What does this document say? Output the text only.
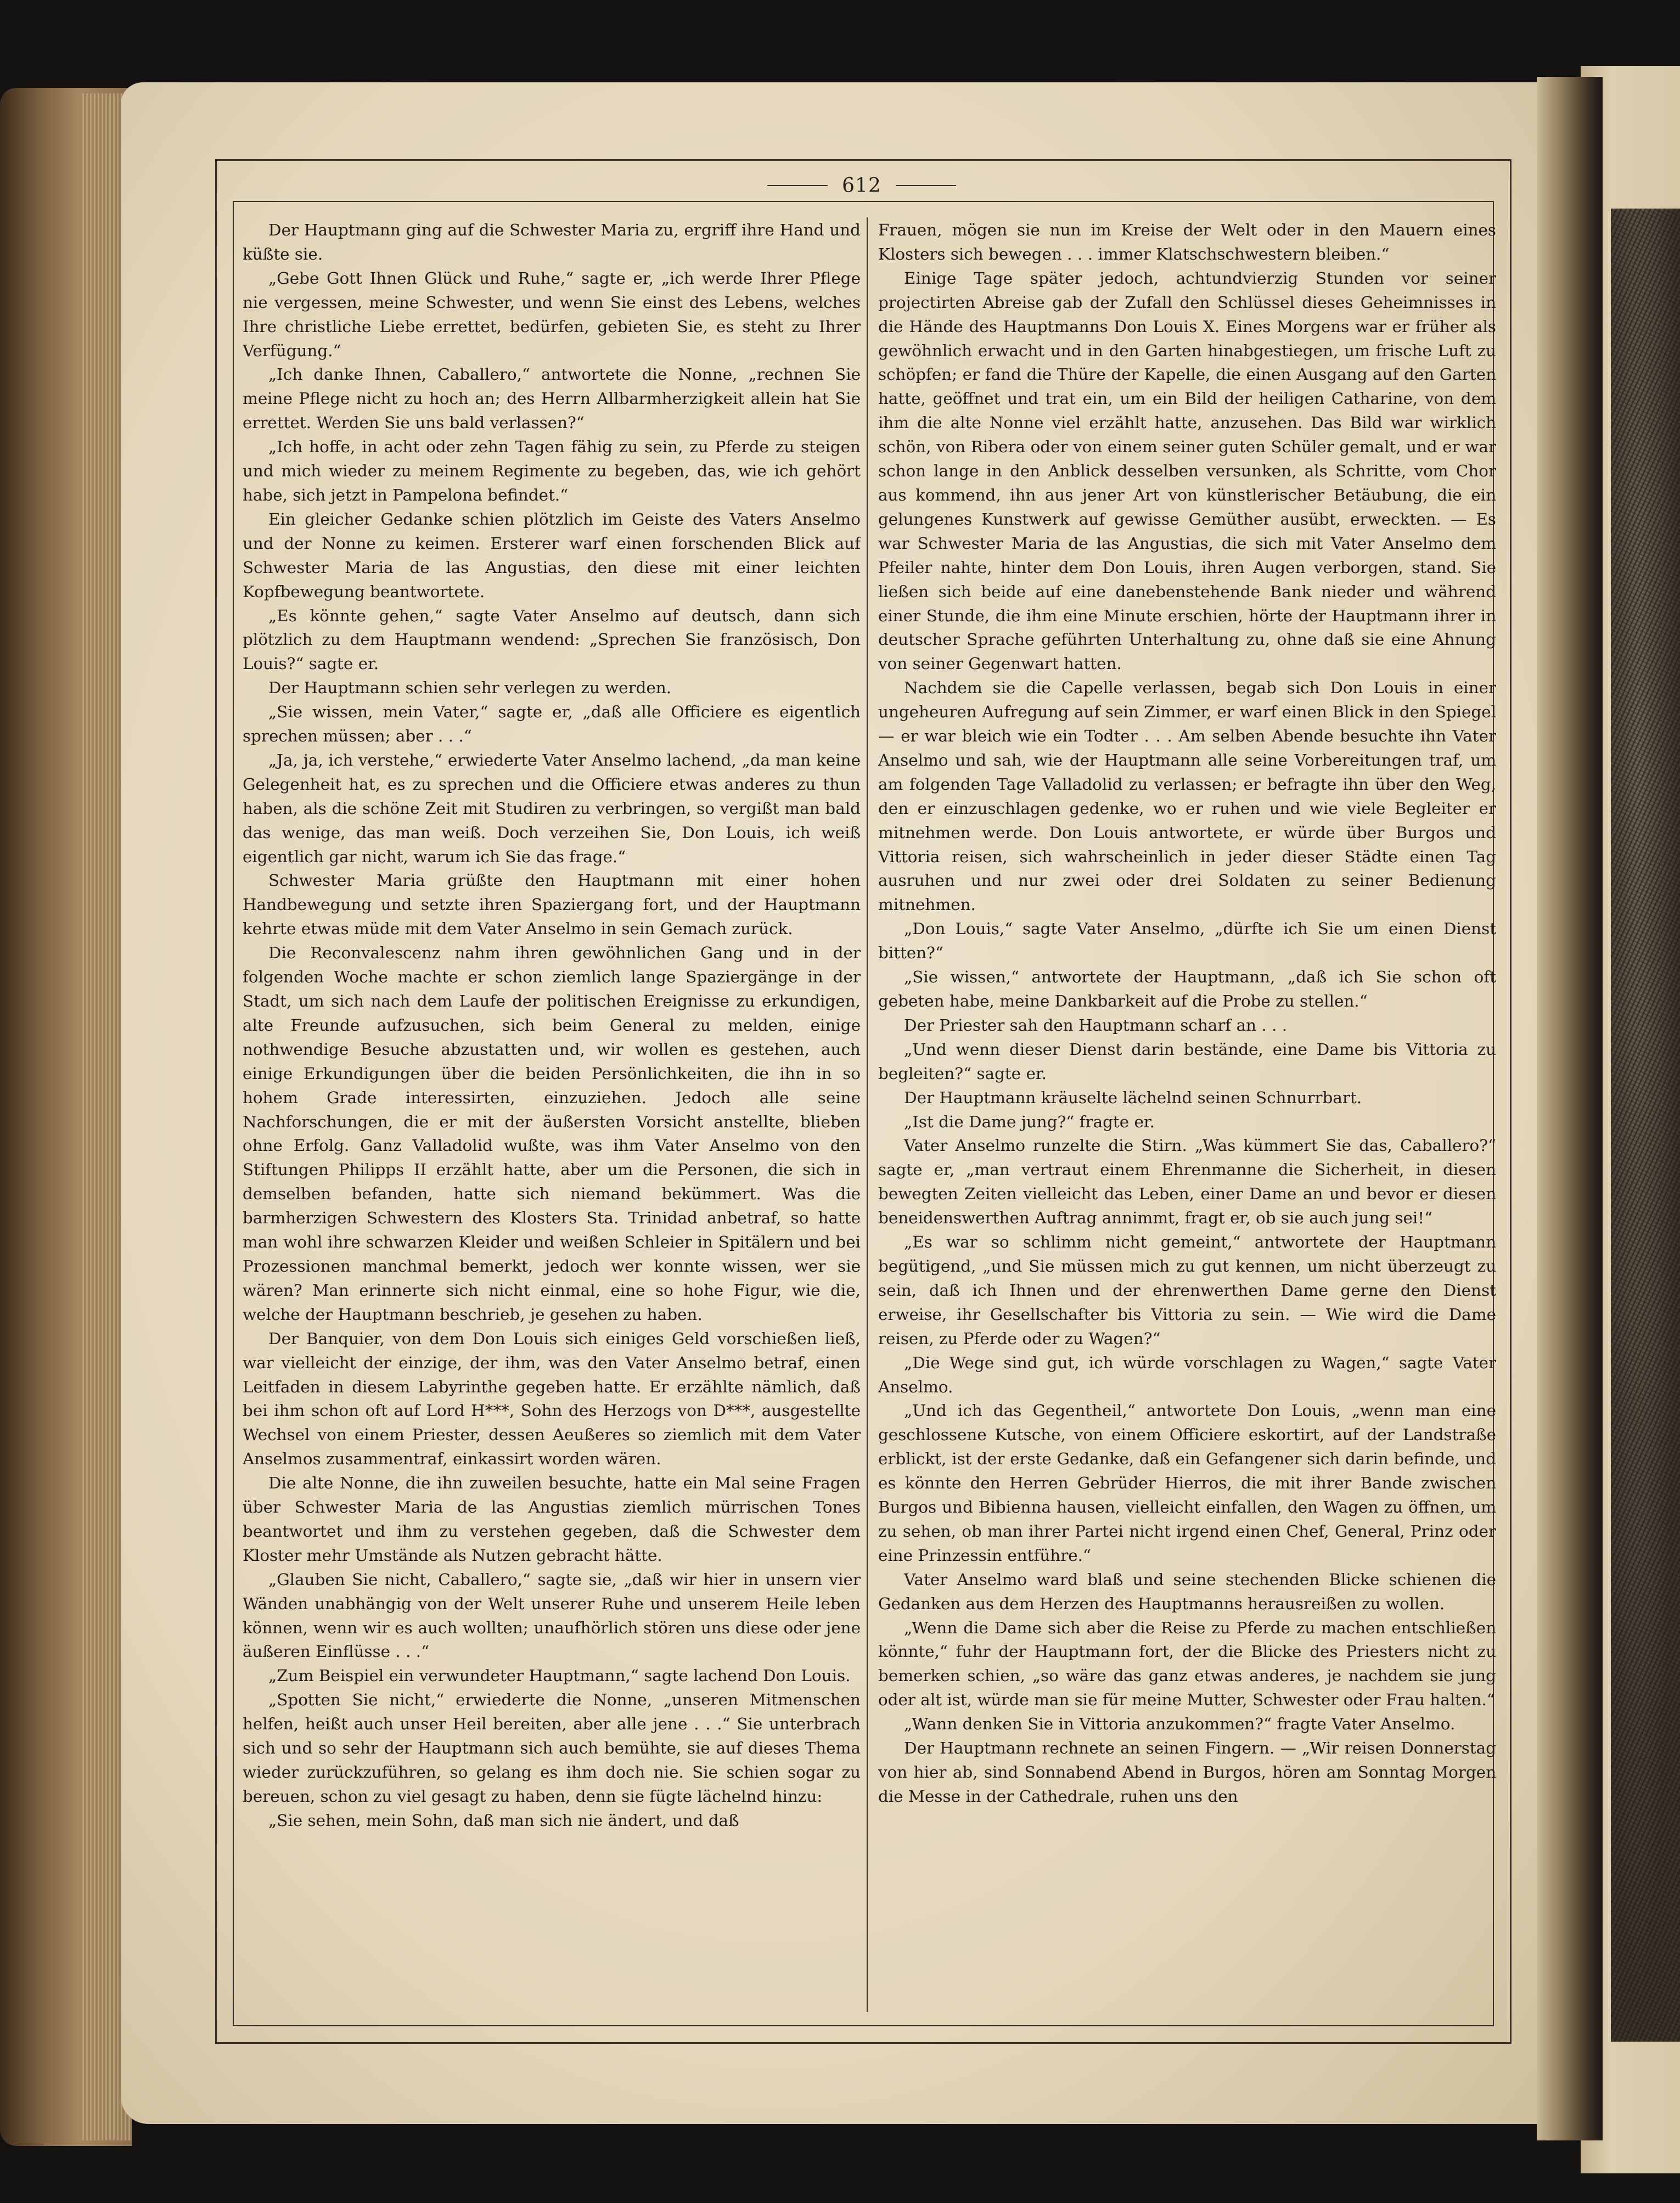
612

Der Hauptmann ging auf die Schwester Maria zu, ergriff ihre Hand und küßte sie.

„Gebe Gott Ihnen Glück und Ruhe,“ sagte er, „ich werde Ihrer Pflege nie vergessen, meine Schwester, und wenn Sie einst des Lebens, welches Ihre christliche Liebe errettet, bedürfen, gebieten Sie, es steht zu Ihrer Verfügung.“

„Ich danke Ihnen, Caballero,“ antwortete die Nonne, „rechnen Sie meine Pflege nicht zu hoch an; des Herrn Allbarmherzigkeit allein hat Sie errettet. Werden Sie uns bald verlassen?“

„Ich hoffe, in acht oder zehn Tagen fähig zu sein, zu Pferde zu steigen und mich wieder zu meinem Regimente zu begeben, das, wie ich gehört habe, sich jetzt in Pampelona befindet.“

Ein gleicher Gedanke schien plötzlich im Geiste des Vaters Anselmo und der Nonne zu keimen. Ersterer warf einen forschenden Blick auf Schwester Maria de las Angustias, den diese mit einer leichten Kopfbewegung beantwortete.

„Es könnte gehen,“ sagte Vater Anselmo auf deutsch, dann sich plötzlich zu dem Hauptmann wendend: „Sprechen Sie französisch, Don Louis?“ sagte er.

Der Hauptmann schien sehr verlegen zu werden.

„Sie wissen, mein Vater,“ sagte er, „daß alle Officiere es eigentlich sprechen müssen; aber . . .“

„Ja, ja, ich verstehe,“ erwiederte Vater Anselmo lachend, „da man keine Gelegenheit hat, es zu sprechen und die Officiere etwas anderes zu thun haben, als die schöne Zeit mit Studiren zu verbringen, so vergißt man bald das wenige, das man weiß. Doch verzeihen Sie, Don Louis, ich weiß eigentlich gar nicht, warum ich Sie das frage.“

Schwester Maria grüßte den Hauptmann mit einer hohen Handbewegung und setzte ihren Spaziergang fort, und der Hauptmann kehrte etwas müde mit dem Vater Anselmo in sein Gemach zurück.

Die Reconvalescenz nahm ihren gewöhnlichen Gang und in der folgenden Woche machte er schon ziemlich lange Spaziergänge in der Stadt, um sich nach dem Laufe der politischen Ereignisse zu erkundigen, alte Freunde aufzusuchen, sich beim General zu melden, einige nothwendige Besuche abzustatten und, wir wollen es gestehen, auch einige Erkundigungen über die beiden Persönlichkeiten, die ihn in so hohem Grade interessirten, einzuziehen. Jedoch alle seine Nachforschungen, die er mit der äußersten Vorsicht anstellte, blieben ohne Erfolg. Ganz Valladolid wußte, was ihm Vater Anselmo von den Stiftungen Philipps II erzählt hatte, aber um die Personen, die sich in demselben befanden, hatte sich niemand bekümmert. Was die barmherzigen Schwestern des Klosters Sta. Trinidad anbetraf, so hatte man wohl ihre schwarzen Kleider und weißen Schleier in Spitälern und bei Prozessionen manchmal bemerkt, jedoch wer konnte wissen, wer sie wären? Man erinnerte sich nicht einmal, eine so hohe Figur, wie die, welche der Hauptmann beschrieb, je gesehen zu haben.

Der Banquier, von dem Don Louis sich einiges Geld vorschießen ließ, war vielleicht der einzige, der ihm, was den Vater Anselmo betraf, einen Leitfaden in diesem Labyrinthe gegeben hatte. Er erzählte nämlich, daß bei ihm schon oft auf Lord H***, Sohn des Herzogs von D***, ausgestellte Wechsel von einem Priester, dessen Aeußeres so ziemlich mit dem Vater Anselmos zusammentraf, einkassirt worden wären.

Die alte Nonne, die ihn zuweilen besuchte, hatte ein Mal seine Fragen über Schwester Maria de las Angustias ziemlich mürrischen Tones beantwortet und ihm zu verstehen gegeben, daß die Schwester dem Kloster mehr Umstände als Nutzen gebracht hätte.

„Glauben Sie nicht, Caballero,“ sagte sie, „daß wir hier in unsern vier Wänden unabhängig von der Welt unserer Ruhe und unserem Heile leben können, wenn wir es auch wollten; unaufhörlich stören uns diese oder jene äußeren Einflüsse . . .“

„Zum Beispiel ein verwundeter Hauptmann,“ sagte lachend Don Louis.

„Spotten Sie nicht,“ erwiederte die Nonne, „unseren Mitmenschen helfen, heißt auch unser Heil bereiten, aber alle jene . . .“ Sie unterbrach sich und so sehr der Hauptmann sich auch bemühte, sie auf dieses Thema wieder zurückzuführen, so gelang es ihm doch nie. Sie schien sogar zu bereuen, schon zu viel gesagt zu haben, denn sie fügte lächelnd hinzu:

„Sie sehen, mein Sohn, daß man sich nie ändert, und daß

Frauen, mögen sie nun im Kreise der Welt oder in den Mauern eines Klosters sich bewegen . . . immer Klatschschwestern bleiben.“

Einige Tage später jedoch, achtundvierzig Stunden vor seiner projectirten Abreise gab der Zufall den Schlüssel dieses Geheimnisses in die Hände des Hauptmanns Don Louis X. Eines Morgens war er früher als gewöhnlich erwacht und in den Garten hinabgestiegen, um frische Luft zu schöpfen; er fand die Thüre der Kapelle, die einen Ausgang auf den Garten hatte, geöffnet und trat ein, um ein Bild der heiligen Catharine, von dem ihm die alte Nonne viel erzählt hatte, anzusehen. Das Bild war wirklich schön, von Ribera oder von einem seiner guten Schüler gemalt, und er war schon lange in den Anblick desselben versunken, als Schritte, vom Chor aus kommend, ihn aus jener Art von künstlerischer Betäubung, die ein gelungenes Kunstwerk auf gewisse Gemüther ausübt, erweckten. — Es war Schwester Maria de las Angustias, die sich mit Vater Anselmo dem Pfeiler nahte, hinter dem Don Louis, ihren Augen verborgen, stand. Sie ließen sich beide auf eine danebenstehende Bank nieder und während einer Stunde, die ihm eine Minute erschien, hörte der Hauptmann ihrer in deutscher Sprache geführten Unterhaltung zu, ohne daß sie eine Ahnung von seiner Gegenwart hatten.

Nachdem sie die Capelle verlassen, begab sich Don Louis in einer ungeheuren Aufregung auf sein Zimmer, er warf einen Blick in den Spiegel — er war bleich wie ein Todter . . . Am selben Abende besuchte ihn Vater Anselmo und sah, wie der Hauptmann alle seine Vorbereitungen traf, um am folgenden Tage Valladolid zu verlassen; er befragte ihn über den Weg, den er einzuschlagen gedenke, wo er ruhen und wie viele Begleiter er mitnehmen werde. Don Louis antwortete, er würde über Burgos und Vittoria reisen, sich wahrscheinlich in jeder dieser Städte einen Tag ausruhen und nur zwei oder drei Soldaten zu seiner Bedienung mitnehmen.

„Don Louis,“ sagte Vater Anselmo, „dürfte ich Sie um einen Dienst bitten?“

„Sie wissen,“ antwortete der Hauptmann, „daß ich Sie schon oft gebeten habe, meine Dankbarkeit auf die Probe zu stellen.“

Der Priester sah den Hauptmann scharf an . . .

„Und wenn dieser Dienst darin bestände, eine Dame bis Vittoria zu begleiten?“ sagte er.

Der Hauptmann kräuselte lächelnd seinen Schnurrbart.

„Ist die Dame jung?“ fragte er.

Vater Anselmo runzelte die Stirn. „Was kümmert Sie das, Caballero?“ sagte er, „man vertraut einem Ehrenmanne die Sicherheit, in diesen bewegten Zeiten vielleicht das Leben, einer Dame an und bevor er diesen beneidenswerthen Auftrag annimmt, fragt er, ob sie auch jung sei!“

„Es war so schlimm nicht gemeint,“ antwortete der Hauptmann begütigend, „und Sie müssen mich zu gut kennen, um nicht überzeugt zu sein, daß ich Ihnen und der ehrenwerthen Dame gerne den Dienst erweise, ihr Gesellschafter bis Vittoria zu sein. — Wie wird die Dame reisen, zu Pferde oder zu Wagen?“

„Die Wege sind gut, ich würde vorschlagen zu Wagen,“ sagte Vater Anselmo.

„Und ich das Gegentheil,“ antwortete Don Louis, „wenn man eine geschlossene Kutsche, von einem Officiere eskortirt, auf der Landstraße erblickt, ist der erste Gedanke, daß ein Gefangener sich darin befinde, und es könnte den Herren Gebrüder Hierros, die mit ihrer Bande zwischen Burgos und Bibienna hausen, vielleicht einfallen, den Wagen zu öffnen, um zu sehen, ob man ihrer Partei nicht irgend einen Chef, General, Prinz oder eine Prinzessin entführe.“

Vater Anselmo ward blaß und seine stechenden Blicke schienen die Gedanken aus dem Herzen des Hauptmanns herausreißen zu wollen.

„Wenn die Dame sich aber die Reise zu Pferde zu machen entschließen könnte,“ fuhr der Hauptmann fort, der die Blicke des Priesters nicht zu bemerken schien, „so wäre das ganz etwas anderes, je nachdem sie jung oder alt ist, würde man sie für meine Mutter, Schwester oder Frau halten.“

„Wann denken Sie in Vittoria anzukommen?“ fragte Vater Anselmo.

Der Hauptmann rechnete an seinen Fingern. — „Wir reisen Donnerstag von hier ab, sind Sonnabend Abend in Burgos, hören am Sonntag Morgen die Messe in der Cathedrale, ruhen uns den
